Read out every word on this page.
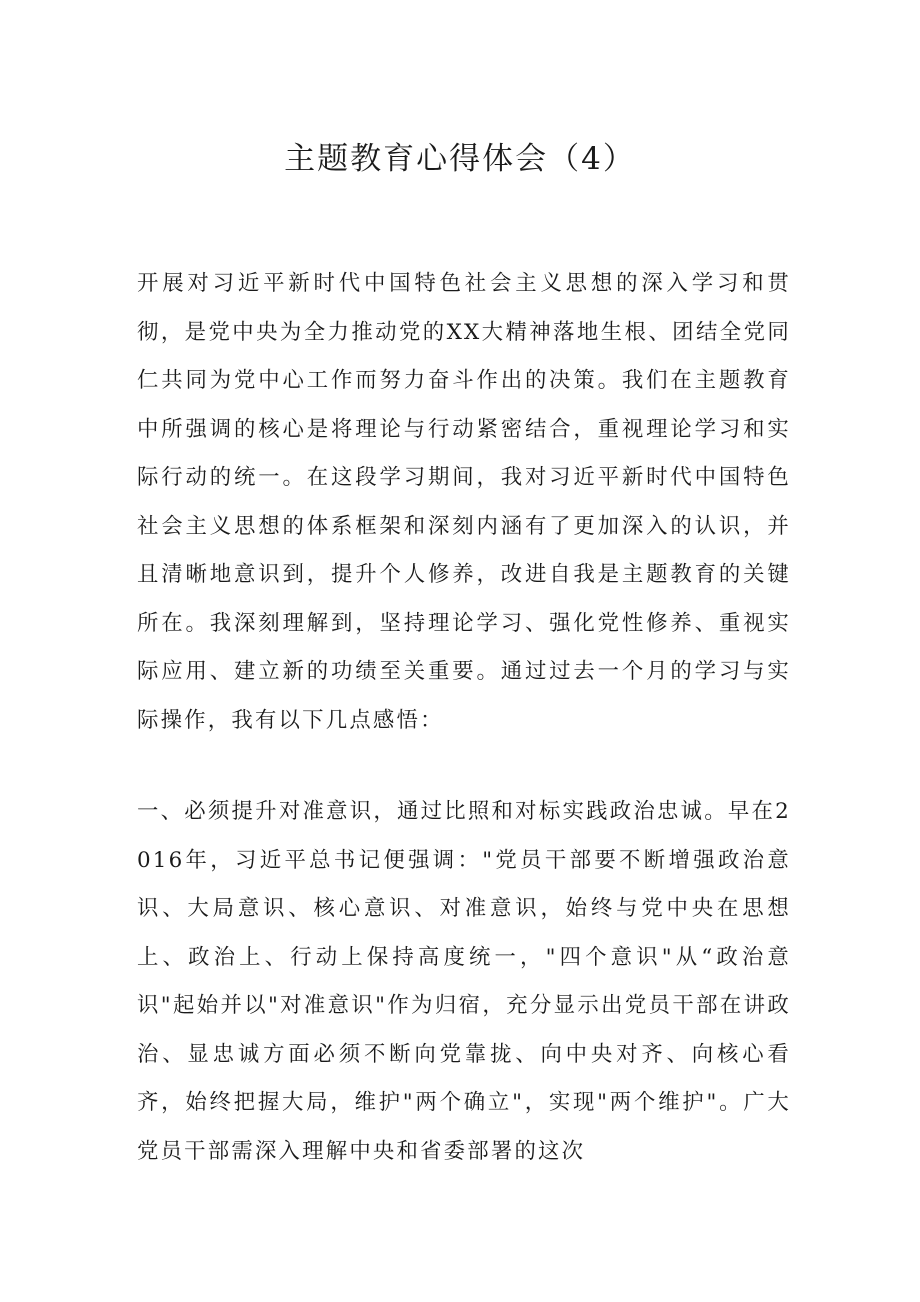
主题教育心得体会（4）

开展对习近平新时代中国特色社会主义思想的深入学习和贯彻，是党中央为全力推动党的XX大精神落地生根、团结全党同仁共同为党中心工作而努力奋斗作出的决策。我们在主题教育中所强调的核心是将理论与行动紧密结合，重视理论学习和实际行动的统一。在这段学习期间，我对习近平新时代中国特色社会主义思想的体系框架和深刻内涵有了更加深入的认识，并且清晰地意识到，提升个人修养，改进自我是主题教育的关键所在。我深刻理解到，坚持理论学习、强化党性修养、重视实际应用、建立新的功绩至关重要。通过过去一个月的学习与实际操作，我有以下几点感悟：

一、必须提升对准意识，通过比照和对标实践政治忠诚。早在2016年，习近平总书记便强调："党员干部要不断增强政治意识、大局意识、核心意识、对准意识，始终与党中央在思想上、政治上、行动上保持高度统一，"四个意识"从“政治意识"起始并以"对准意识"作为归宿，充分显示出党员干部在讲政治、显忠诚方面必须不断向党靠拢、向中央对齐、向核心看齐，始终把握大局，维护"两个确立"，实现"两个维护"。广大党员干部需深入理解中央和省委部署的这次
